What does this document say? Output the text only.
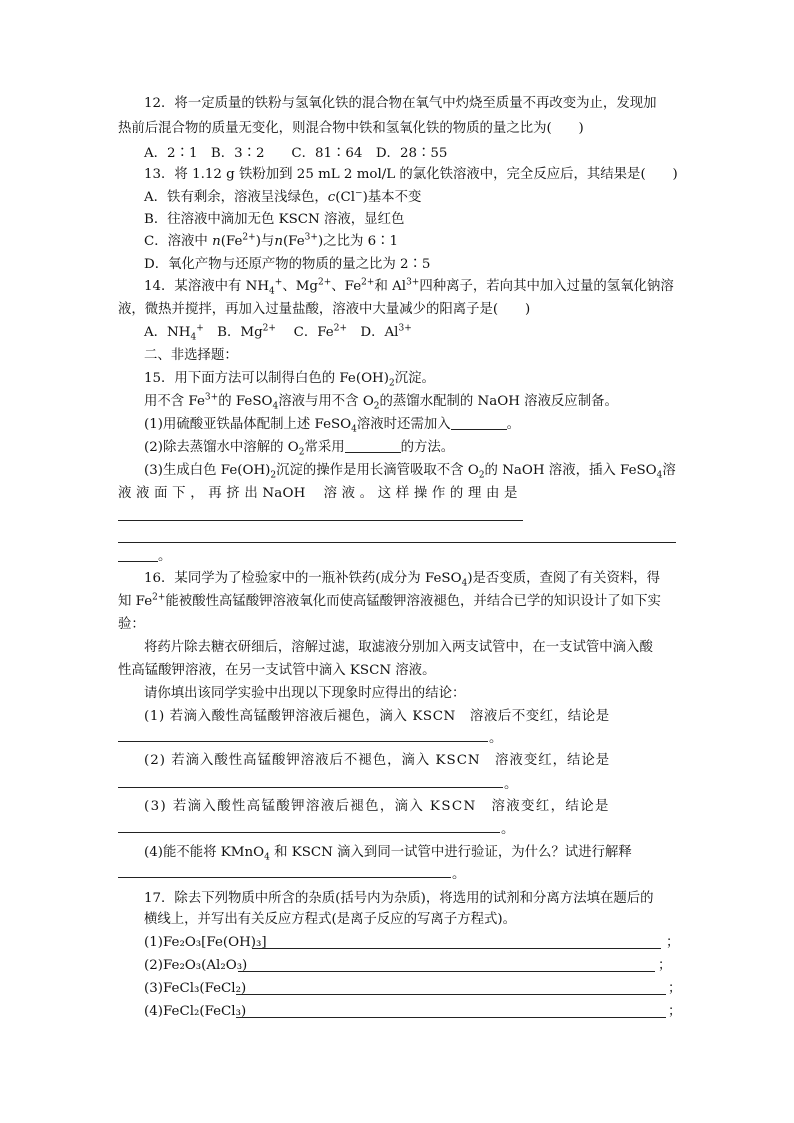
12．将一定质量的铁粉与氢氧化铁的混合物在氧气中灼烧至质量不再改变为止，发现加
热前后混合物的质量无变化，则混合物中铁和氢氧化铁的物质的量之比为(　　)
A．2∶1　B．3∶2　　C．81∶64　D．28∶55
13．将 1.12 g 铁粉加到 25 mL 2 mol/L 的氯化铁溶液中，完全反应后，其结果是(　　)
A．铁有剩余，溶液呈浅绿色，c(Cl−)基本不变
B．往溶液中滴加无色 KSCN 溶液，显红色
C．溶液中 $n(Fe^{2+})$与$n(Fe^{3+})$之比为 6∶1
D．氧化产物与还原产物的物质的量之比为 2∶5
14．某溶液中有 $NH_4^+$、$Mg^{2+}$、$Fe^{2+}$和 $Al^{3+}$四种离子，若向其中加入过量的氢氧化钠溶
液，微热并搅拌，再加入过量盐酸，溶液中大量减少的阳离子是(　　)
A．$NH_4^+$　B．$Mg^{2+}$　 C．$Fe^{2+}$　D．$Al^{3+}$
二、非选择题：
15．用下面方法可以制得白色的 $Fe(OH)_2$沉淀。
用不含 $Fe^{3+}$的 FeSO$_4$溶液与用不含 $O_2$的蒸馏水配制的 NaOH 溶液反应制备。
(1)用硫酸亚铁晶体配制上述 FeSO$_4$溶液时还需加入	。
(2)除去蒸馏水中溶解的 $O_2$常采用	的方法。
(3)生成白色 $Fe(OH)_2$沉淀的操作是用长滴管吸取不含 $O_2$的 NaOH 溶液，插入 FeSO$_4$溶
液 液 面 下 ， 再 挤 出 NaOH　 溶 液 。 这 样 操 作 的 理 由 是
。
16．某同学为了检验家中的一瓶补铁药(成分为 FeSO$_4$)是否变质，查阅了有关资料，得
知 $Fe^{2+}$能被酸性高锰酸钾溶液氧化而使高锰酸钾溶液褪色，并结合已学的知识设计了如下实
验：
将药片除去糖衣研细后，溶解过滤，取滤液分别加入两支试管中，在一支试管中滴入酸
性高锰酸钾溶液，在另一支试管中滴入 KSCN 溶液。
请你填出该同学实验中出现以下现象时应得出的结论：
(1) 若滴入酸性高锰酸钾溶液后褪色，滴入 KSCN　溶液后不变红，结论是
。
(2) 若滴入酸性高锰酸钾溶液后不褪色，滴入 KSCN　溶液变红，结论是
。
(3) 若滴入酸性高锰酸钾溶液后褪色，滴入 KSCN　溶液变红，结论是
。
(4)能不能将 KMnO$_4$ 和 KSCN 滴入到同一试管中进行验证，为什么？试进行解释
。
17．除去下列物质中所含的杂质(括号内为杂质)，将选用的试剂和分离方法填在题后的
横线上，并写出有关反应方程式(是离子反应的写离子方程式)。
(1)Fe₂O₃[Fe(OH)₃]	；
(2)Fe₂O₃(Al₂O₃)	；
(3)FeCl₃(FeCl₂)	；
(4)FeCl₂(FeCl₃)	；
